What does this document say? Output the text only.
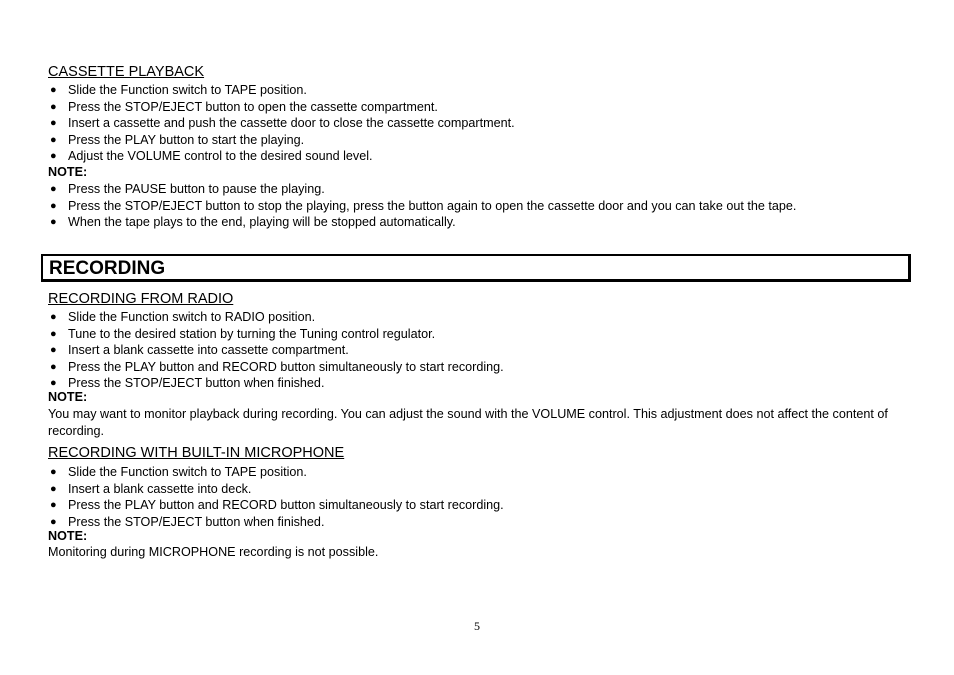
CASSETTE PLAYBACK
● Slide the Function switch to TAPE position.
● Press the STOP/EJECT button to open the cassette compartment.
● Insert a cassette and push the cassette door to close the cassette compartment.
● Press the PLAY button to start the playing.
● Adjust the VOLUME control to the desired sound level.
NOTE:
● Press the PAUSE button to pause the playing.
● Press the STOP/EJECT button to stop the playing, press the button again to open the cassette door and you can take out the tape.
● When the tape plays to the end, playing will be stopped automatically.
RECORDING
RECORDING FROM RADIO
● Slide the Function switch to RADIO position.
● Tune to the desired station by turning the Tuning control regulator.
● Insert a blank cassette into cassette compartment.
● Press the PLAY button and RECORD button simultaneously to start recording.
● Press the STOP/EJECT button when finished.
NOTE:
You may want to monitor playback during recording. You can adjust the sound with the VOLUME control. This adjustment does not affect the content of recording.
RECORDING WITH BUILT-IN MICROPHONE
● Slide the Function switch to TAPE position.
● Insert a blank cassette into deck.
● Press the PLAY button and RECORD button simultaneously to start recording.
● Press the STOP/EJECT button when finished.
NOTE:
Monitoring during MICROPHONE recording is not possible.
5
